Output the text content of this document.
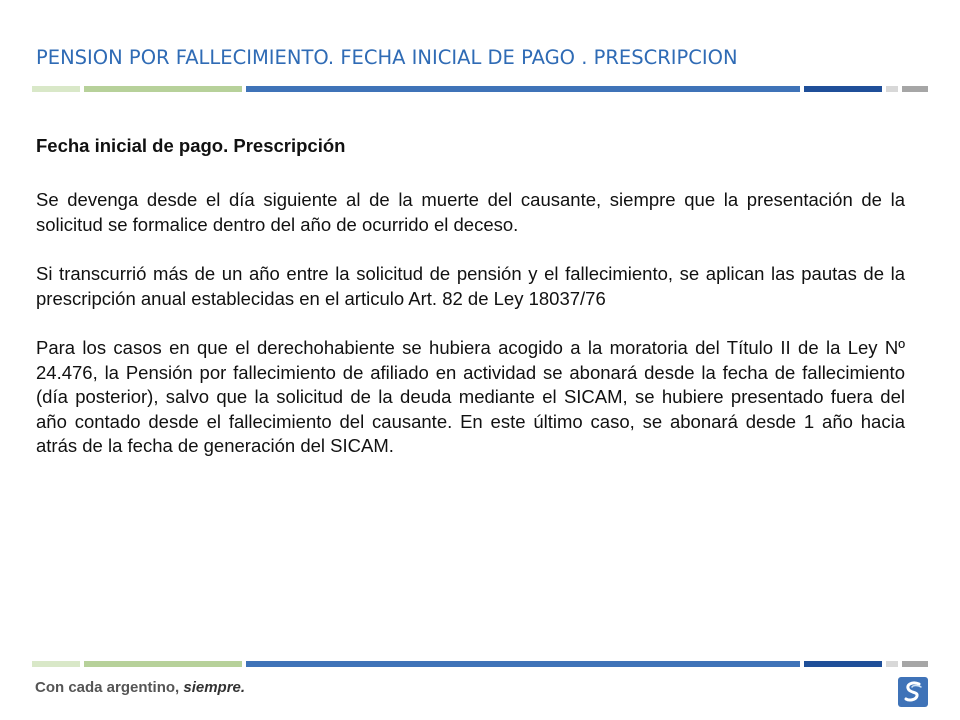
PENSION POR FALLECIMIENTO. FECHA INICIAL DE PAGO . PRESCRIPCION
Fecha inicial de pago. Prescripción

Se devenga desde el día siguiente al de la muerte del causante, siempre que la presentación de la solicitud se formalice dentro del año de ocurrido el deceso.

Si transcurrió más de un año entre la solicitud de pensión y el fallecimiento, se aplican las pautas de la prescripción anual establecidas en el articulo Art. 82 de Ley 18037/76

Para los casos en que el derechohabiente se hubiera acogido a la moratoria del Título II de la Ley Nº 24.476, la Pensión por fallecimiento de afiliado en actividad se abonará desde la fecha de fallecimiento (día posterior), salvo que la solicitud de la deuda mediante el SICAM, se hubiere presentado fuera del año contado desde el fallecimiento del causante. En este último caso, se abonará desde 1 año hacia atrás de la fecha de generación del SICAM.

Con cada argentino, siempre.
